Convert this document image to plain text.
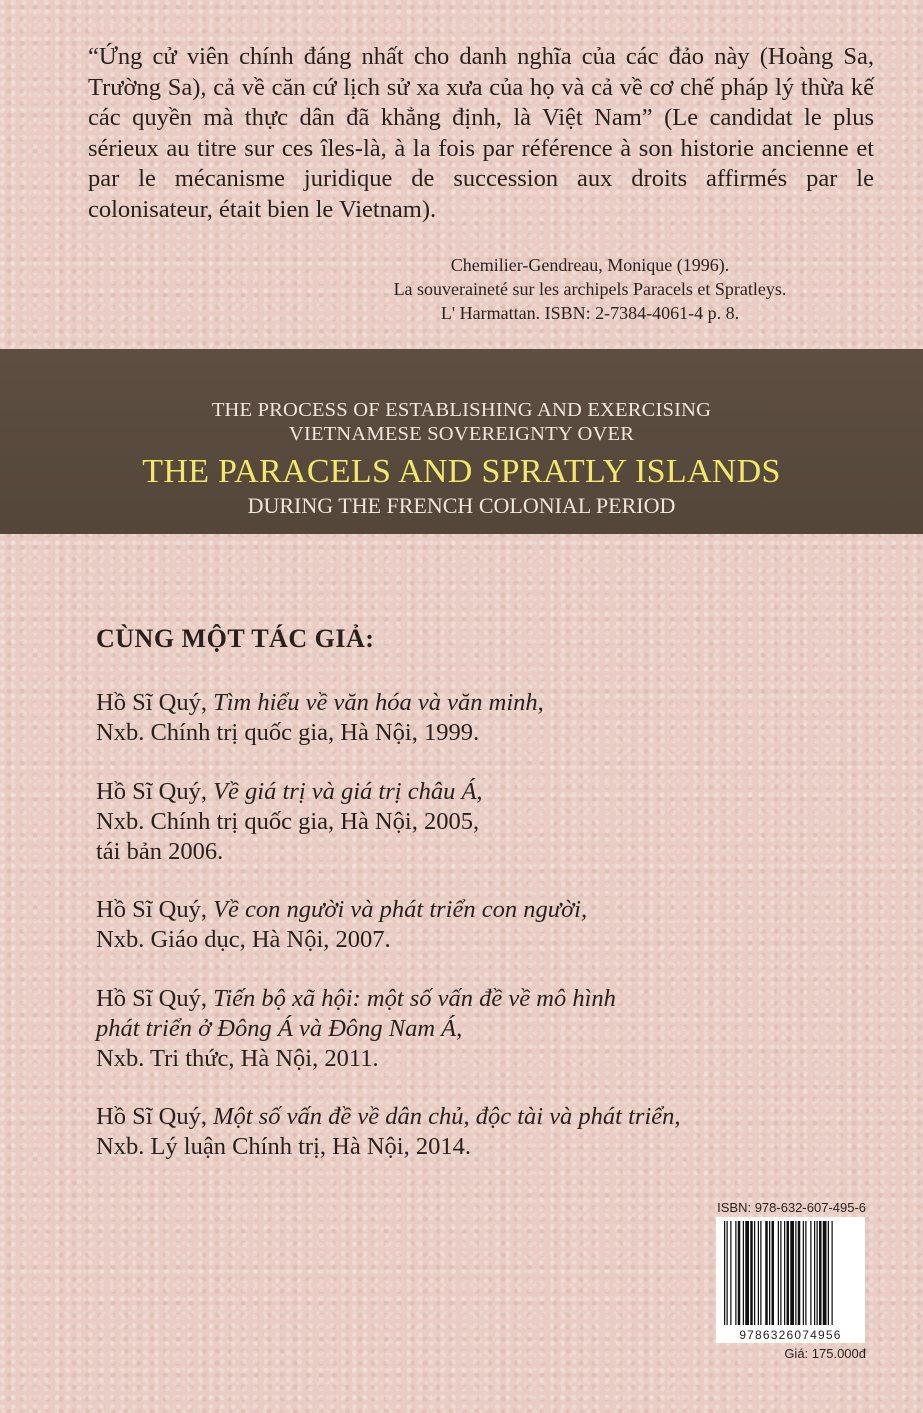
“Ứng cử viên chính đáng nhất cho danh nghĩa của các đảo này (Hoàng Sa, Trường Sa), cả về căn cứ lịch sử xa xưa của họ và cả về cơ chế pháp lý thừa kế các quyền mà thực dân đã khẳng định, là Việt Nam” (Le candidat le plus sérieux au titre sur ces îles-là, à la fois par référence à son historie ancienne et par le mécanisme juridique de succession aux droits affirmés par le colonisateur, était bien le Vietnam).
Chemilier-Gendreau, Monique (1996).
La souveraineté sur les archipels Paracels et Spratleys.
L' Harmattan. ISBN: 2-7384-4061-4 p. 8.
THE PROCESS OF ESTABLISHING AND EXERCISING
VIETNAMESE SOVEREIGNTY OVER
THE PARACELS AND SPRATLY ISLANDS
DURING THE FRENCH COLONIAL PERIOD
CÙNG MỘT TÁC GIẢ:
Hồ Sĩ Quý, Tìm hiểu về văn hóa và văn minh,
Nxb. Chính trị quốc gia, Hà Nội, 1999.
Hồ Sĩ Quý, Về giá trị và giá trị châu Á,
Nxb. Chính trị quốc gia, Hà Nội, 2005,
tái bản 2006.
Hồ Sĩ Quý, Về con người và phát triển con người,
Nxb. Giáo dục, Hà Nội, 2007.
Hồ Sĩ Quý, Tiến bộ xã hội: một số vấn đề về mô hình
phát triển ở Đông Á và Đông Nam Á,
Nxb. Tri thức, Hà Nội, 2011.
Hồ Sĩ Quý, Một số vấn đề về dân chủ, độc tài và phát triển,
Nxb. Lý luận Chính trị, Hà Nội, 2014.
ISBN: 978-632-607-495-6
9786326074956
Giá: 175.000đ
